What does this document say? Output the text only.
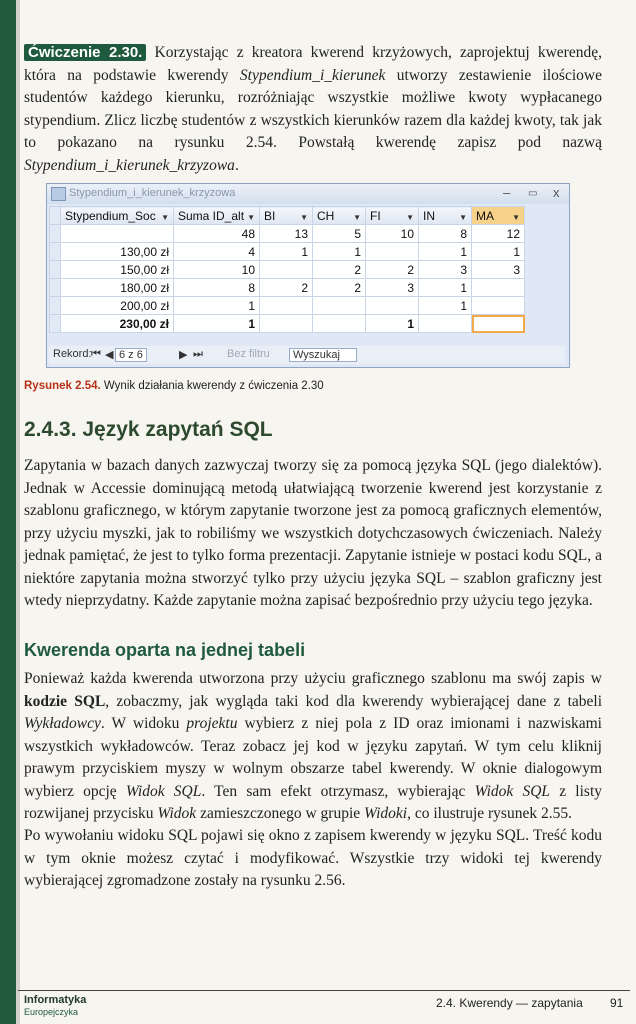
Ćwiczenie 2.30. Korzystając z kreatora kwerend krzyżowych, zaprojektuj kwerendę, która na podstawie kwerendy Stypendium_i_kierunek utworzy zestawienie ilościowe studentów każdego kierunku, rozróżniając wszystkie możliwe kwoty wypłacanego stypendium. Zlicz liczbę studentów z wszystkich kierunków razem dla każdej kwoty, tak jak to pokazano na rysunku 2.54. Powstałą kwerendę zapisz pod nazwą Stypendium_i_kierunek_krzyzowa.

Stypendium_i_kierunek_krzyzowa	– ▭ x
	Stypendium_Soc ▼	Suma ID_alt ▼	BI ▼	CH ▼	FI ▼	IN ▼	MA ▼

		48	13	5	10	8	12
	130,00 zł	4	1	1		1	1
	150,00 zł	10		2	2	3	3
	180,00 zł	8	2	2	3	1	
	200,00 zł	1				1	
	230,00 zł	1			1		
Rekord: ⏮ ◀ 6 z 6	▶ ⏭ Bez filtru	Wyszukaj
Rysunek 2.54. Wynik działania kwerendy z ćwiczenia 2.30
2.4.3. Język zapytań SQL

Zapytania w bazach danych zazwyczaj tworzy się za pomocą języka SQL (jego dialektów). Jednak w Accessie dominującą metodą ułatwiającą tworzenie kwerend jest korzystanie z szablonu graficznego, w którym zapytanie tworzone jest za pomocą graficznych elementów, przy użyciu myszki, jak to robiliśmy we wszystkich dotychczasowych ćwiczeniach. Należy jednak pamiętać, że jest to tylko forma prezentacji. Zapytanie istnieje w postaci kodu SQL, a niektóre zapytania można stworzyć tylko przy użyciu języka SQL – szablon graficzny jest wtedy nieprzydatny. Każde zapytanie można zapisać bezpośrednio przy użyciu tego języka.

Kwerenda oparta na jednej tabeli

Ponieważ każda kwerenda utworzona przy użyciu graficznego szablonu ma swój zapis w kodzie SQL, zobaczmy, jak wygląda taki kod dla kwerendy wybierającej dane z tabeli Wykładowcy. W widoku projektu wybierz z niej pola z ID oraz imionami i nazwiskami wszystkich wykładowców. Teraz zobacz jej kod w języku zapytań. W tym celu kliknij prawym przyciskiem myszy w wolnym obszarze tabel kwerendy. W oknie dialogowym wybierz opcję Widok SQL. Ten sam efekt otrzymasz, wybierając Widok SQL z listy rozwijanej przycisku Widok zamieszczonego w grupie Widoki, co ilustruje rysunek 2.55.

Po wywołaniu widoku SQL pojawi się okno z zapisem kwerendy w języku SQL. Treść kodu w tym oknie możesz czytać i modyfikować. Wszystkie trzy widoki tej kwerendy wybierającej zgromadzone zostały na rysunku 2.56.

Informatyka
Europejczyka
2.4. Kwerendy — zapytania 91
